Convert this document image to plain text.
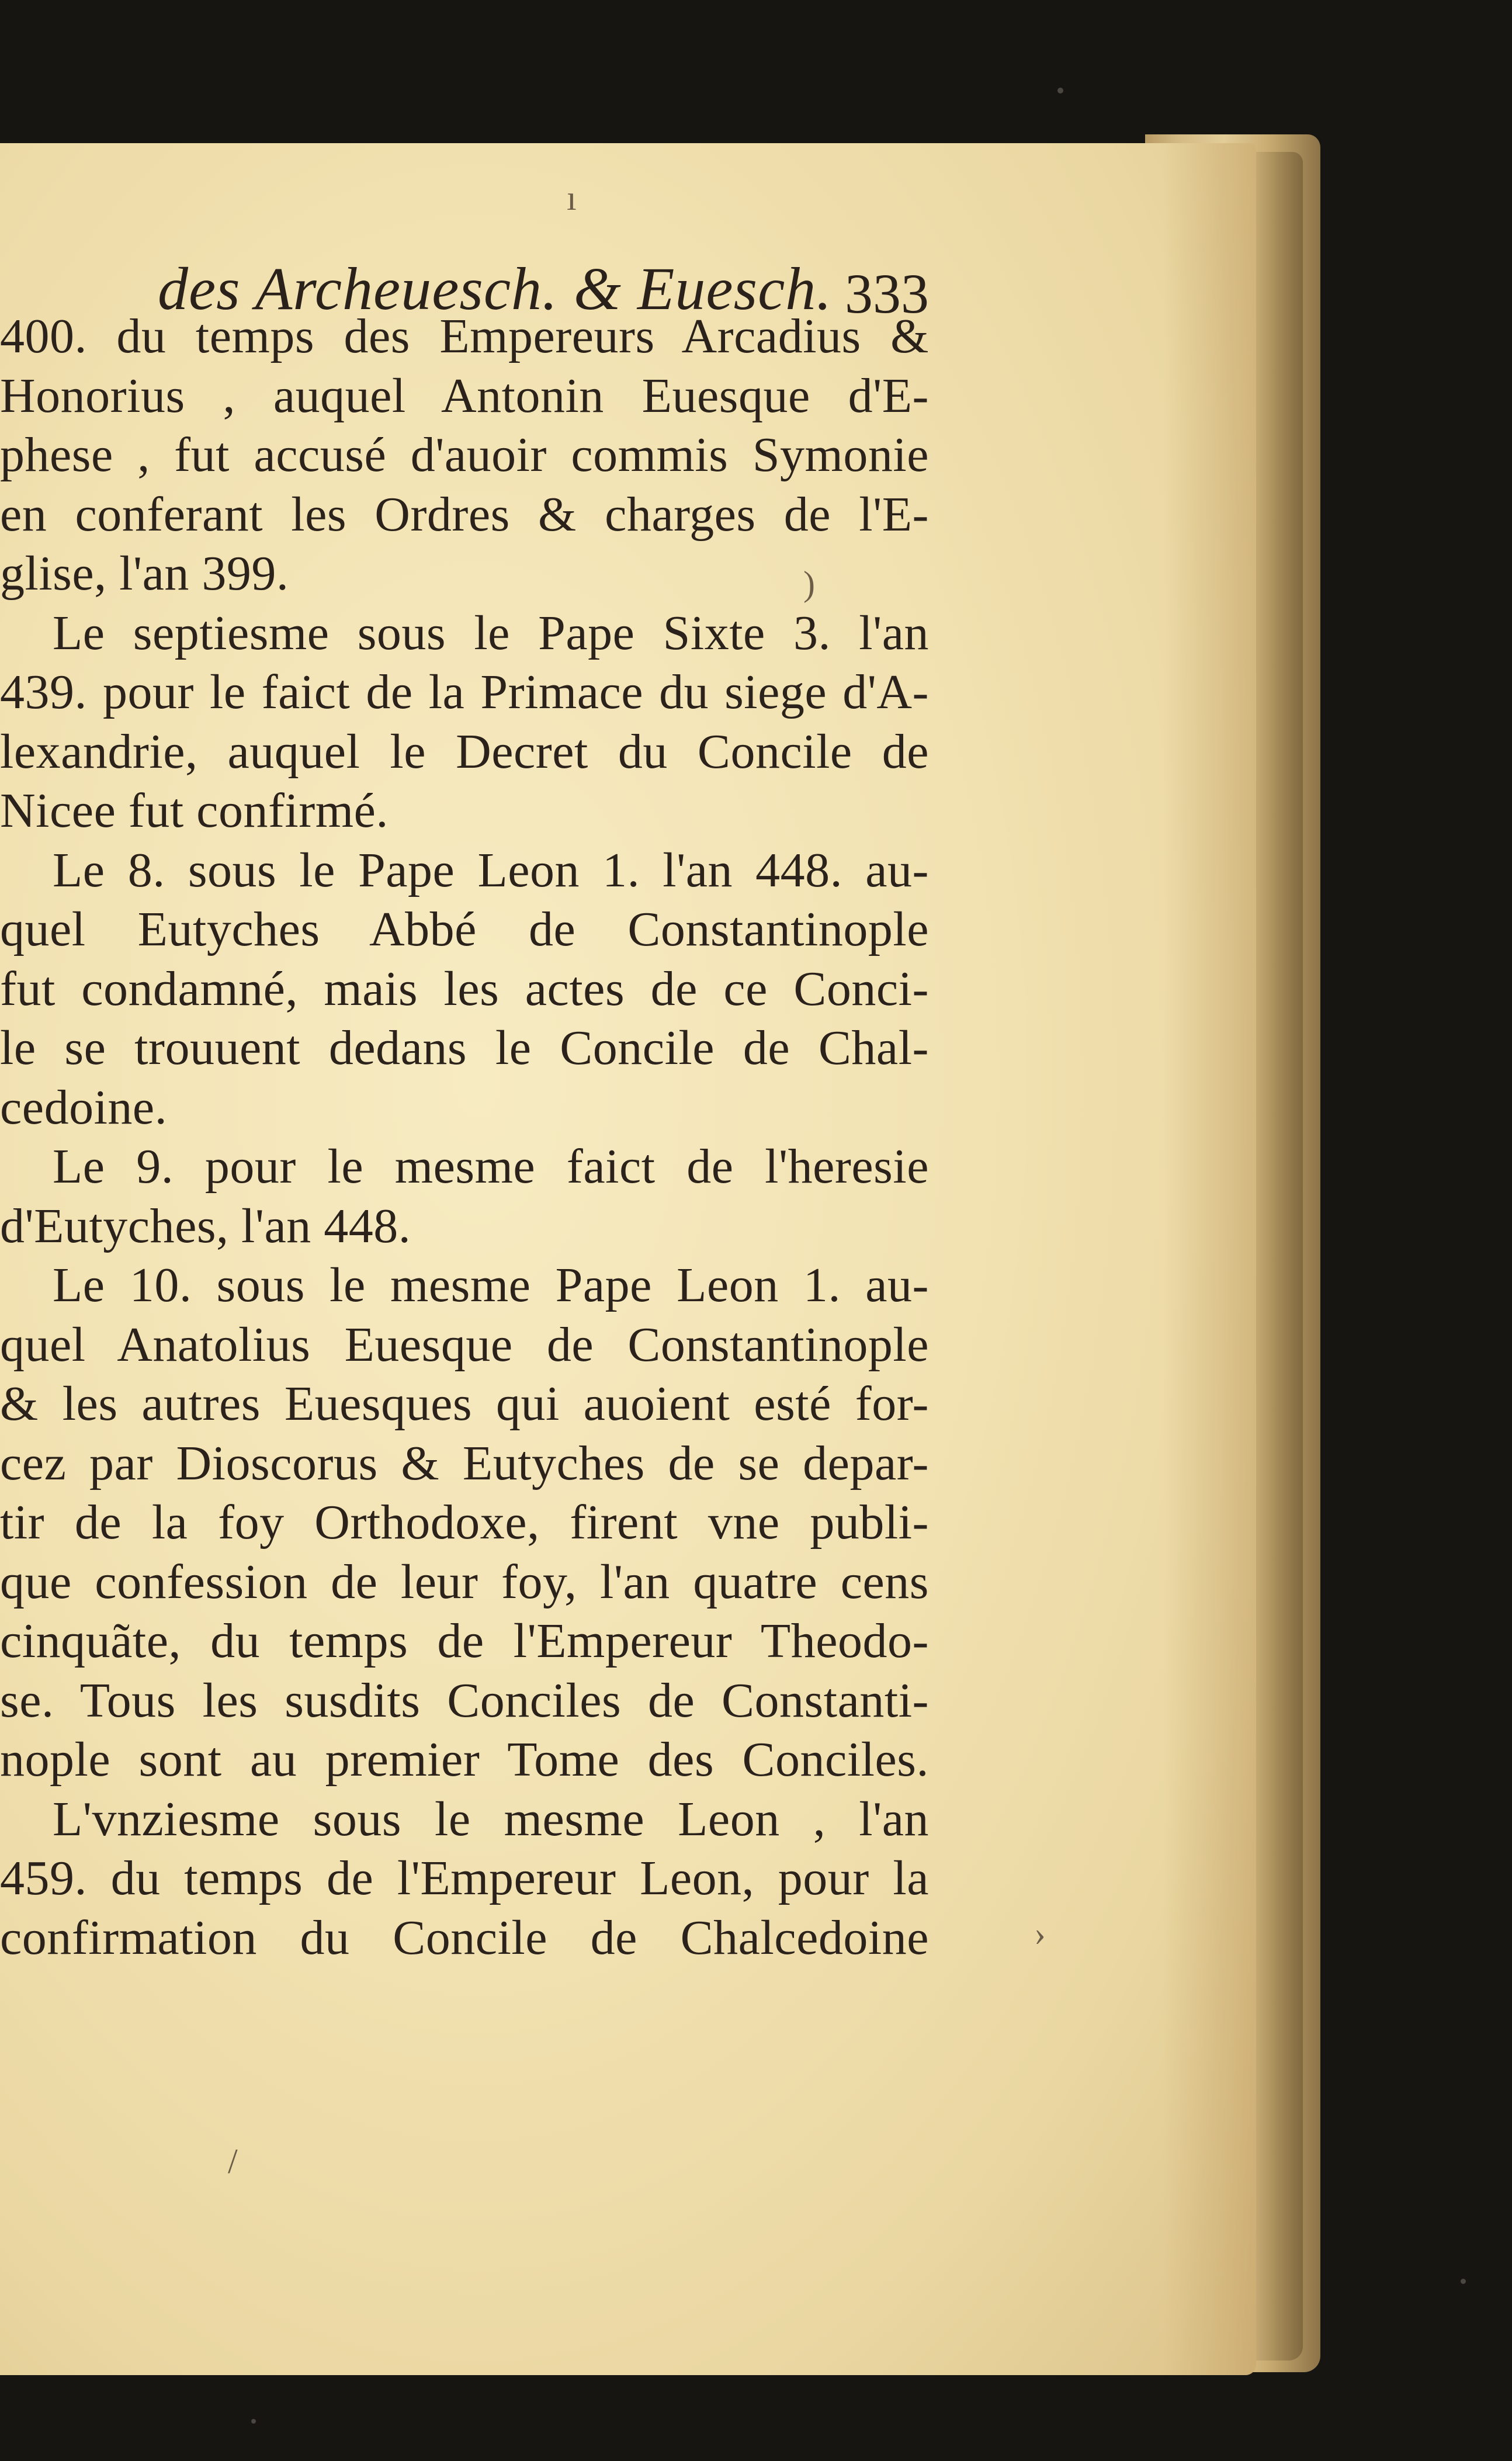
des Archeuesch. & Euesch. 333
400. du temps des Empereurs Arcadius &
Honorius , auquel Antonin Euesque d'E-
phese , fut accusé d'auoir commis Symonie
en conferant les Ordres & charges de l'E-
glise, l'an 399.
Le septiesme sous le Pape Sixte 3. l'an
439. pour le faict de la Primace du siege d'A-
lexandrie, auquel le Decret du Concile de
Nicee fut confirmé.
Le 8. sous le Pape Leon 1. l'an 448. au-
quel Eutyches Abbé de Constantinople
fut condamné, mais les actes de ce Conci-
le se trouuent dedans le Concile de Chal-
cedoine.
Le 9. pour le mesme faict de l'heresie
d'Eutyches, l'an 448.
Le 10. sous le mesme Pape Leon 1. au-
quel Anatolius Euesque de Constantinople
& les autres Euesques qui auoient esté for-
cez par Dioscorus & Eutyches de se depar-
tir de la foy Orthodoxe, firent vne publi-
que confession de leur foy, l'an quatre cens
cinquãte, du temps de l'Empereur Theodo-
se. Tous les susdits Conciles de Constanti-
nople sont au premier Tome des Conciles.
L'vnziesme sous le mesme Leon , l'an
459. du temps de l'Empereur Leon, pour la
confirmation du Concile de Chalcedoine
ı
)
›
/
